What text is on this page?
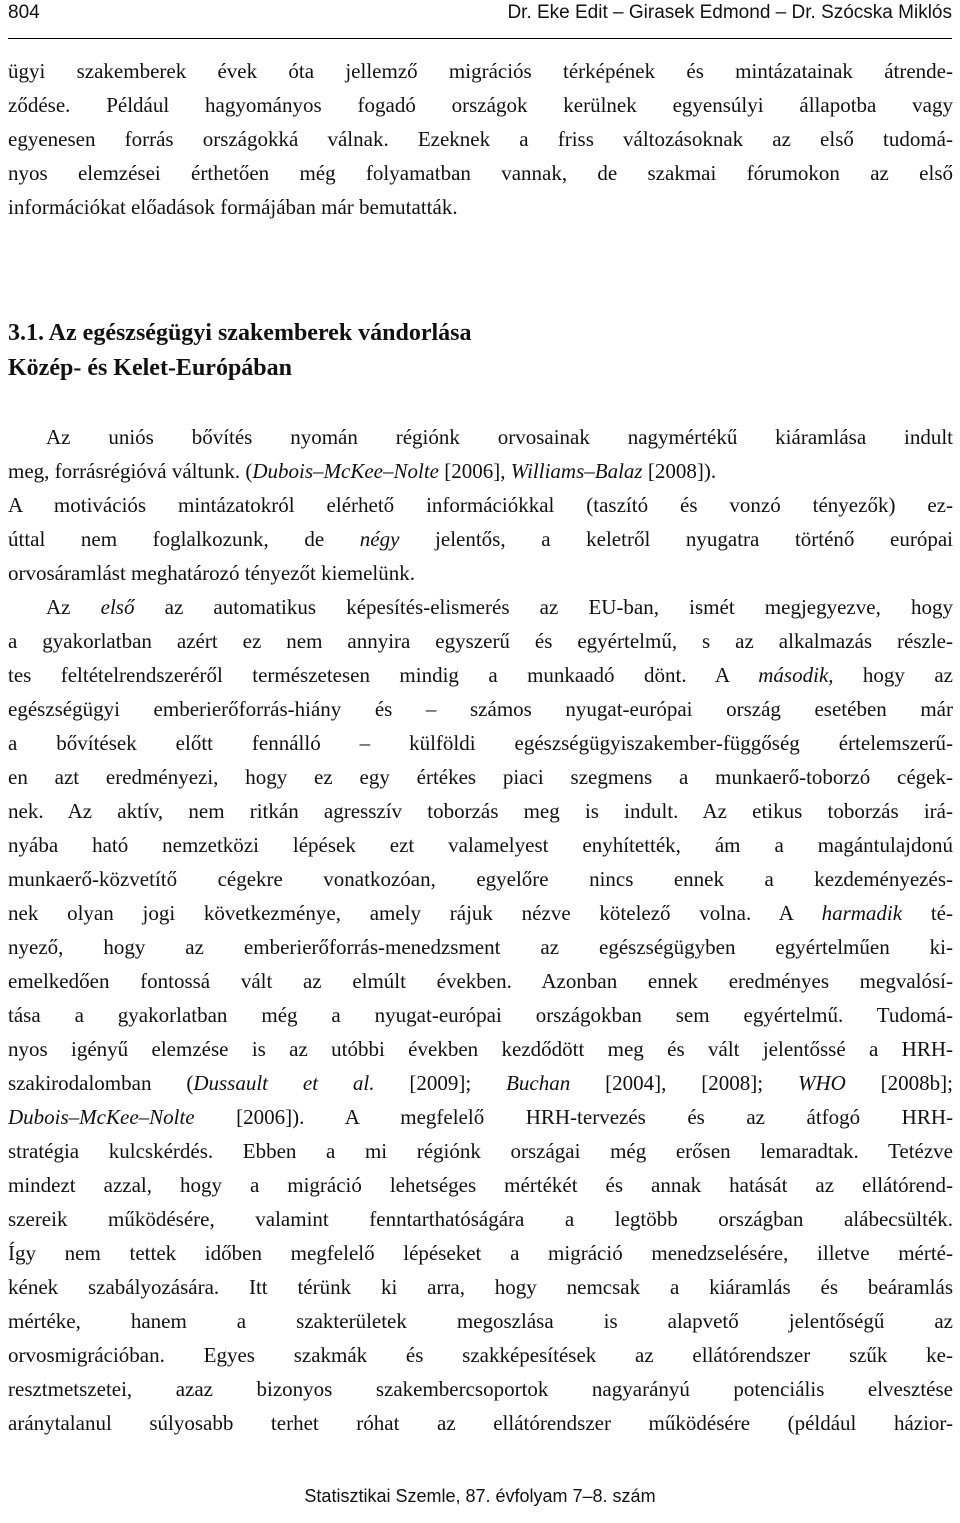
804	Dr. Eke Edit – Girasek Edmond – Dr. Szócska Miklós
ügyi szakemberek évek óta jellemző migrációs térképének és mintázatainak átrende-
ződése. Például hagyományos fogadó országok kerülnek egyensúlyi állapotba vagy
egyenesen forrás országokká válnak. Ezeknek a friss változásoknak az első tudomá-
nyos elemzései érthetően még folyamatban vannak, de szakmai fórumokon az első
információkat előadások formájában már bemutatták.
3.1. Az egészségügyi szakemberek vándorlása
Közép- és Kelet-Európában
Az uniós bővítés nyomán régiónk orvosainak nagymértékű kiáramlása indult
meg, forrásrégióvá váltunk. (Dubois–McKee–Nolte [2006], Williams–Balaz [2008]).
A motivációs mintázatokról elérhető információkkal (taszító és vonzó tényezők) ez-
úttal nem foglalkozunk, de négy jelentős, a keletről nyugatra történő európai
orvosáramlást meghatározó tényezőt kiemelünk.
Az első az automatikus képesítés-elismerés az EU-ban, ismét megjegyezve, hogy
a gyakorlatban azért ez nem annyira egyszerű és egyértelmű, s az alkalmazás részle-
tes feltételrendszeréről természetesen mindig a munkaadó dönt. A második, hogy az
egészségügyi emberierőforrás-hiány és – számos nyugat-európai ország esetében már
a bővítések előtt fennálló – külföldi egészségügyiszakember-függőség értelemszerű-
en azt eredményezi, hogy ez egy értékes piaci szegmens a munkaerő-toborzó cégek-
nek. Az aktív, nem ritkán agresszív toborzás meg is indult. Az etikus toborzás irá-
nyába ható nemzetközi lépések ezt valamelyest enyhítették, ám a magántulajdonú
munkaerő-közvetítő cégekre vonatkozóan, egyelőre nincs ennek a kezdeményezés-
nek olyan jogi következménye, amely rájuk nézve kötelező volna. A harmadik té-
nyező, hogy az emberierőforrás-menedzsment az egészségügyben egyértelműen ki-
emelkedően fontossá vált az elmúlt években. Azonban ennek eredményes megvalósí-
tása a gyakorlatban még a nyugat-európai országokban sem egyértelmű. Tudomá-
nyos igényű elemzése is az utóbbi években kezdődött meg és vált jelentőssé a HRH-
szakirodalomban (Dussault et al. [2009]; Buchan [2004], [2008]; WHO [2008b];
Dubois–McKee–Nolte [2006]). A megfelelő HRH-tervezés és az átfogó HRH-
stratégia kulcskérdés. Ebben a mi régiónk országai még erősen lemaradtak. Tetézve
mindezt azzal, hogy a migráció lehetséges mértékét és annak hatását az ellátórend-
szereik működésére, valamint fenntarthatóságára a legtöbb országban alábecsülték.
Így nem tettek időben megfelelő lépéseket a migráció menedzselésére, illetve mérté-
kének szabályozására. Itt térünk ki arra, hogy nemcsak a kiáramlás és beáramlás
mértéke, hanem a szakterületek megoszlása is alapvető jelentőségű az
orvosmigrációban. Egyes szakmák és szakképesítések az ellátórendszer szűk ke-
resztmetszetei, azaz bizonyos szakembercsoportok nagyarányú potenciális elvesztése
aránytalanul súlyosabb terhet róhat az ellátórendszer működésére (például házior-
Statisztikai Szemle, 87. évfolyam 7–8. szám
